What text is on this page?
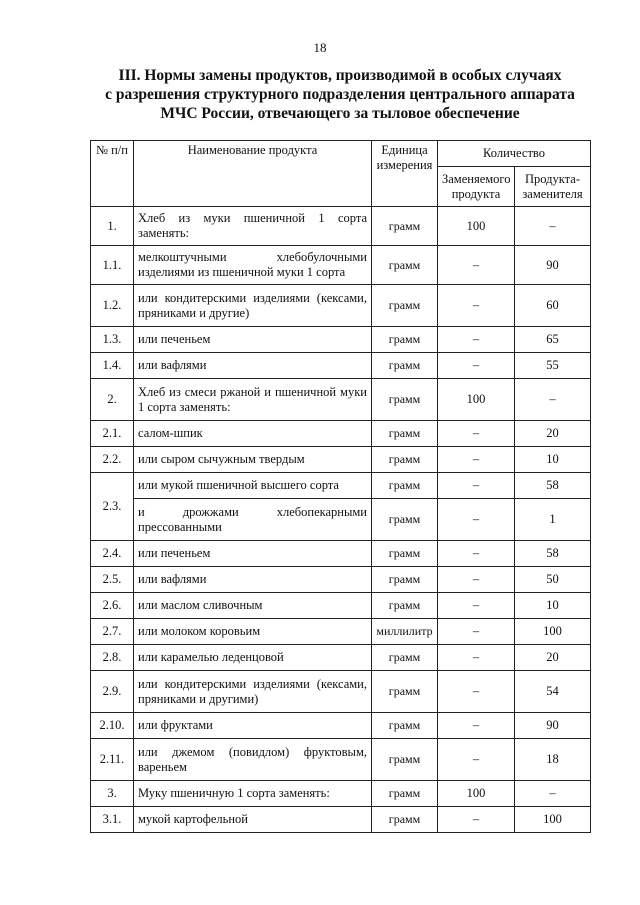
18
III. Нормы замены продуктов, производимой в особых случаях
с разрешения структурного подразделения центрального аппарата
МЧС России, отвечающего за тыловое обеспечение
№ п/п	Наименование продукта	Единица измерения	Количество	
			Заменяемого продукта	Продукта-заменителя
1.	Хлеб из муки пшеничной 1 сорта заменять:	грамм	100	–
1.1.	мелкоштучными хлебобулочными изделиями из пшеничной муки 1 сорта	грамм	–	90
1.2.	или кондитерскими изделиями (кексами, пряниками и другие)	грамм	–	60
1.3.	или печеньем	грамм	–	65
1.4.	или вафлями	грамм	–	55
2.	Хлеб из смеси ржаной и пшеничной муки 1 сорта заменять:	грамм	100	–
2.1.	салом-шпик	грамм	–	20
2.2.	или сыром сычужным твердым	грамм	–	10
2.3.	или мукой пшеничной высшего сорта	грамм	–	58
	и дрожжами хлебопекарными прессованными	грамм	–	1
2.4.	или печеньем	грамм	–	58
2.5.	или вафлями	грамм	–	50
2.6.	или маслом сливочным	грамм	–	10
2.7.	или молоком коровьим	миллилитр	–	100
2.8.	или карамелью леденцовой	грамм	–	20
2.9.	или кондитерскими изделиями (кексами, пряниками и другими)	грамм	–	54
2.10.	или фруктами	грамм	–	90
2.11.	или джемом (повидлом) фруктовым, вареньем	грамм	–	18
3.	Муку пшеничную 1 сорта заменять:	грамм	100	–
3.1.	мукой картофельной	грамм	–	100
